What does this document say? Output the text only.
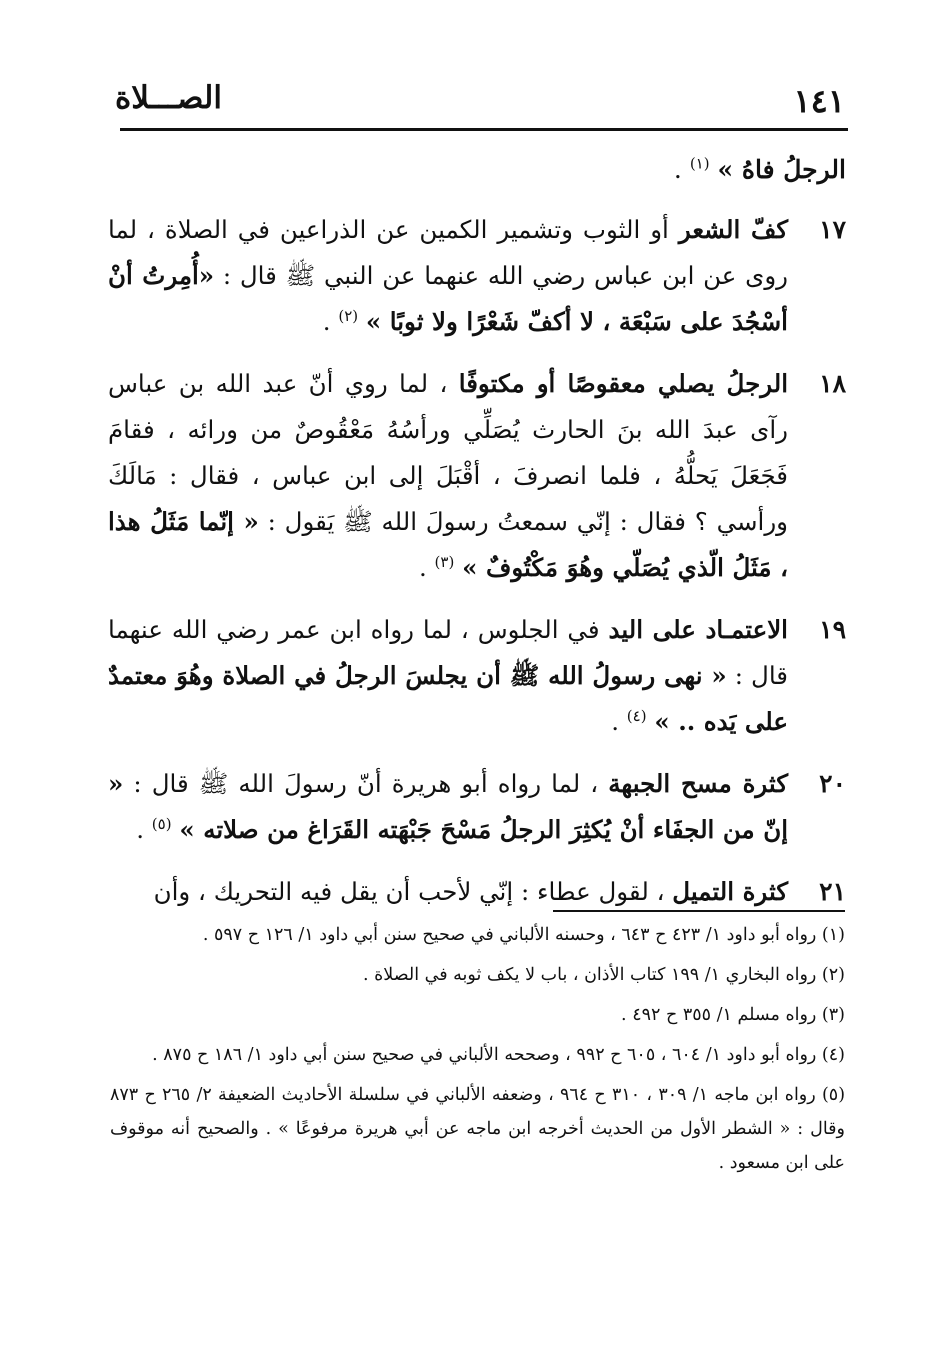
١٤١
الصـــلاة

الرجلُ فاهُ » $^{(١)}$ .

١٧
كفّ الشعر أو الثوب وتشمير الكمين عن الذراعين في الصلاة ، لما روى عن ابن عباس رضي الله عنهما عن النبي ﷺ قال : «أُمِرتُ أنْ أسْجُدَ على سَبْعَة ، لا أكفّ شَعْرًا ولا ثوبًا » $^{(٢)}$ .
١٨
الرجلُ يصلي معقوصًا أو مكتوفًا ، لما روي أنّ عبد الله بن عباس رآى عبدَ الله بنَ الحارث يُصَلِّي ورأسُهُ مَعْقُوصٌ من ورائه ، فقامَ فَجَعَلَ يَحلُّهُ ، فلما انصرفَ ، أقْبَلَ إلى ابن عباس ، فقال : مَالَكَ ورأسي ؟ فقال : إنّي سمعتُ رسولَ الله ﷺ يَقول : « إنّما مَثَلُ هذا ، مَثَلُ الّذي يُصَلّي وهُوَ مَكْتُوفٌ » $^{(٣)}$ .
١٩
الاعتمـاد على اليد في الجلوس ، لما رواه ابن عمر رضي الله عنهما قال : « نهى رسولُ الله ﷺ أن يجلسَ الرجلُ في الصلاة وهُوَ معتمدٌ على يَده .. » $^{(٤)}$ .
٢٠
كثرة مسح الجبهة ، لما رواه أبو هريرة أنّ رسولَ الله ﷺ قال : « إنّ من الجفَاء أنْ يُكثِرَ الرجلُ مَسْحَ جَبْهَته القَرَاغ من صلاته » $^{(٥)}$ .
٢١
كثرة التميل ، لقول عطاء : إنّي لأحب أن يقل فيه التحريك ، وأن

(١) رواه أبو داود ١/ ٤٢٣ ح ٦٤٣ ، وحسنه الألباني في صحيح سنن أبي داود ١/ ١٢٦ ح ٥٩٧ .

(٢) رواه البخاري ١/ ١٩٩ كتاب الأذان ، باب لا يكف ثوبه في الصلاة .

(٣) رواه مسلم ١/ ٣٥٥ ح ٤٩٢ .

(٤) رواه أبو داود ١/ ٦٠٤ ، ٦٠٥ ح ٩٩٢ ، وصححه الألباني في صحيح سنن أبي داود ١/ ١٨٦ ح ٨٧٥ .

(٥) رواه ابن ماجه ١/ ٣٠٩ ، ٣١٠ ح ٩٦٤ ، وضعفه الألباني في سلسلة الأحاديث الضعيفة ٢/ ٢٦٥ ح ٨٧٣ وقال : « الشطر الأول من الحديث أخرجه ابن ماجه عن أبي هريرة مرفوعًا » . والصحيح أنه موقوف على ابن مسعود .
